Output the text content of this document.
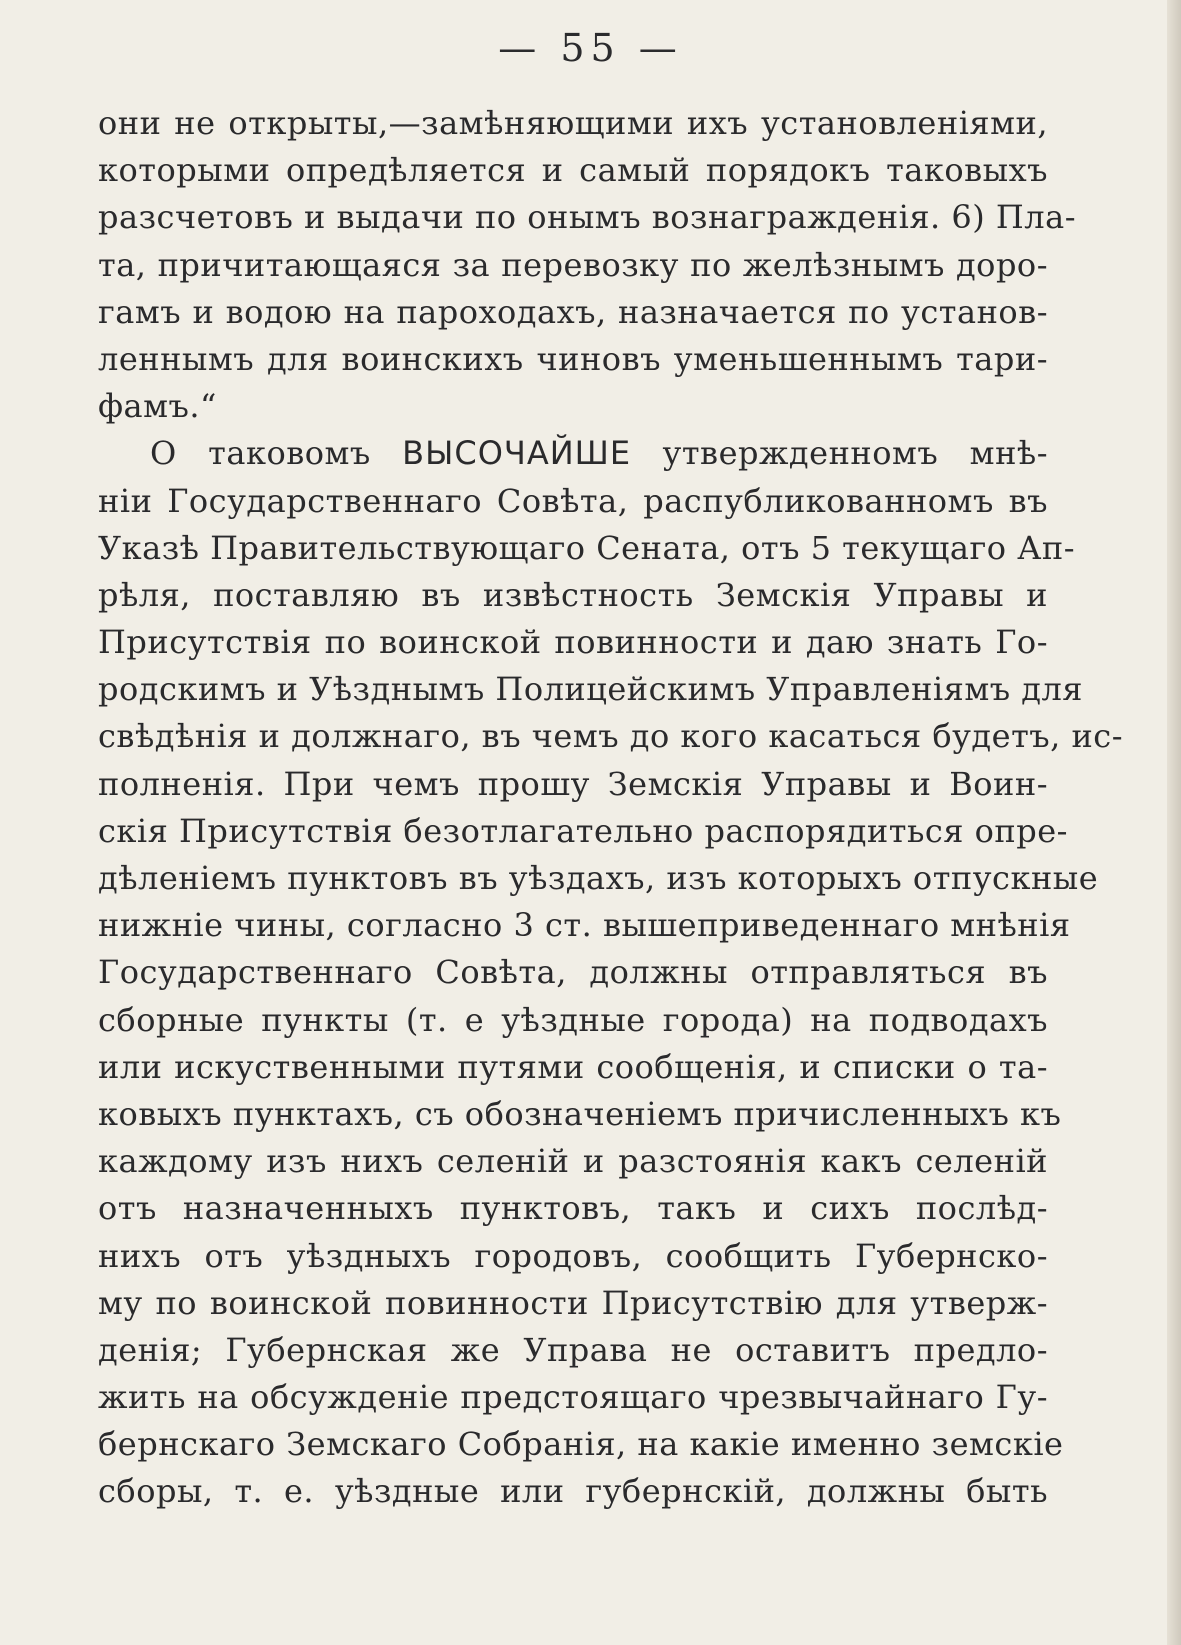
— 55 —
они не открыты,—замѣняющими ихъ установленіями,
которыми опредѣляется и самый порядокъ таковыхъ
разсчетовъ и выдачи по онымъ вознагражденія. 6) Пла-
та, причитающаяся за перевозку по желѣзнымъ доро-
гамъ и водою на пароходахъ, назначается по установ-
леннымъ для воинскихъ чиновъ уменьшеннымъ тари-
фамъ.“
О таковомъ ВЫСОЧАЙШЕ утвержденномъ мнѣ-
ніи Государственнаго Совѣта, распубликованномъ въ
Указѣ Правительствующаго Сената, отъ 5 текущаго Ап-
рѣля, поставляю въ извѣстность Земскія Управы и
Присутствія по воинской повинности и даю знать Го-
родскимъ и Уѣзднымъ Полицейскимъ Управленіямъ для
свѣдѣнія и должнаго, въ чемъ до кого касаться будетъ, ис-
полненія. При чемъ прошу Земскія Управы и Воин-
скія Присутствія безотлагательно распорядиться опре-
дѣленіемъ пунктовъ въ уѣздахъ, изъ которыхъ отпускные
нижніе чины, согласно 3 ст. вышеприведеннаго мнѣнія
Государственнаго Совѣта, должны отправляться въ
сборные пункты (т. е уѣздные города) на подводахъ
или искуственными путями сообщенія, и списки о та-
ковыхъ пунктахъ, съ обозначеніемъ причисленныхъ къ
каждому изъ нихъ селеній и разстоянія какъ селеній
отъ назначенныхъ пунктовъ, такъ и сихъ послѣд-
нихъ отъ уѣздныхъ городовъ, сообщить Губернско-
му по воинской повинности Присутствію для утверж-
денія; Губернская же Управа не оставитъ предло-
жить на обсужденіе предстоящаго чрезвычайнаго Гу-
бернскаго Земскаго Собранія, на какіе именно земскіе
сборы, т. е. уѣздные или губернскій, должны быть
